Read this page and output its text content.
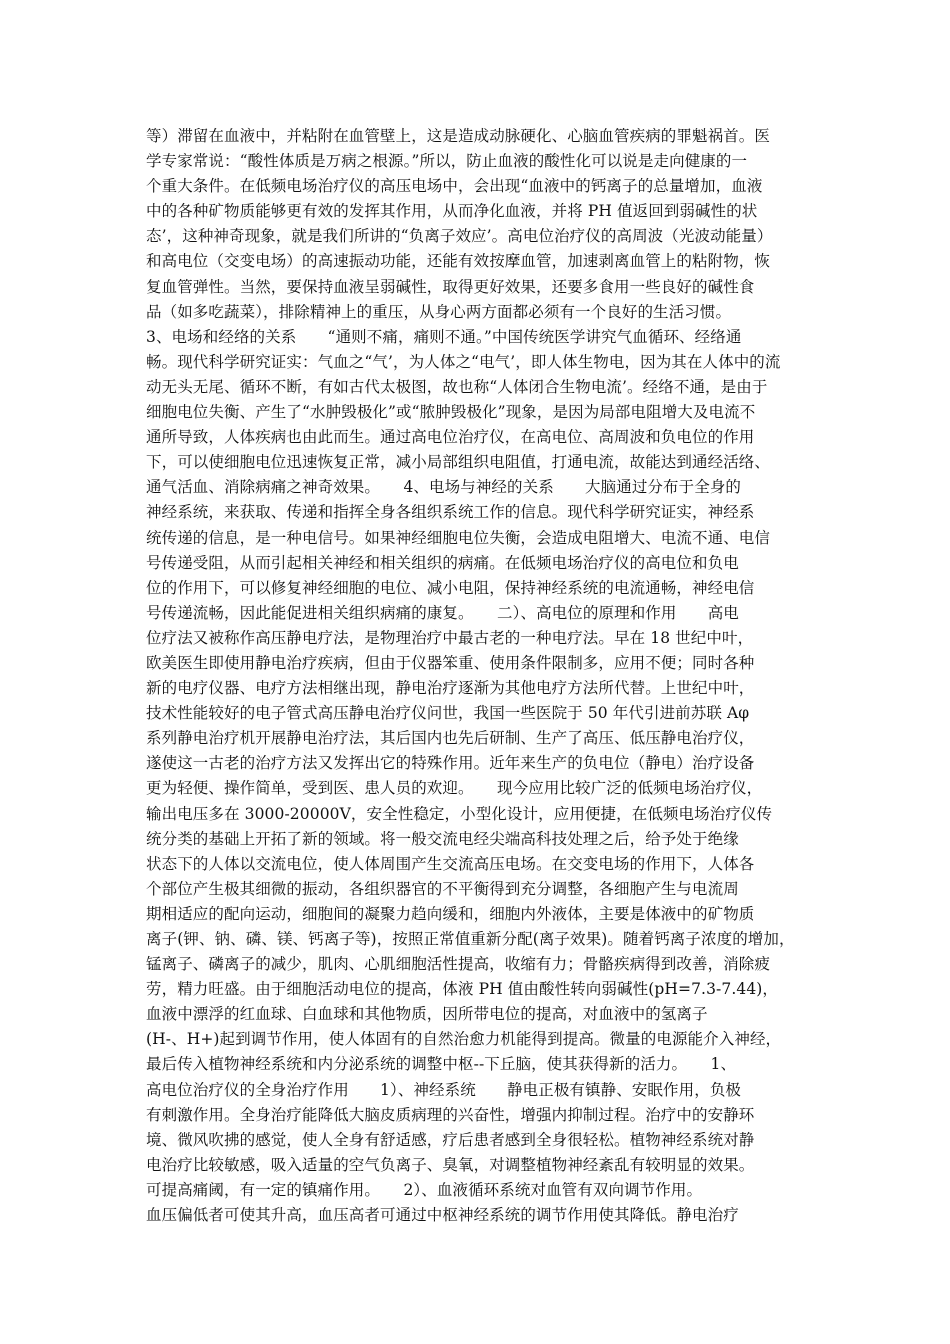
等）滞留在血液中，并粘附在血管壁上，这是造成动脉硬化、心脑血管疾病的罪魁祸首。医
学专家常说：“酸性体质是万病之根源。”所以，防止血液的酸性化可以说是走向健康的一
个重大条件。在低频电场治疗仪的高压电场中，会出现“血液中的钙离子的总量增加，血液
中的各种矿物质能够更有效的发挥其作用，从而净化血液，并将 PH 值返回到弱碱性的状
态’，这种神奇现象，就是我们所讲的“负离子效应’。高电位治疗仪的高周波（光波动能量）
和高电位（交变电场）的高速振动功能，还能有效按摩血管，加速剥离血管上的粘附物，恢
复血管弹性。当然，要保持血液呈弱碱性，取得更好效果，还要多食用一些良好的碱性食
品（如多吃蔬菜），排除精神上的重压，从身心两方面都必须有一个良好的生活习惯。
3、电场和经络的关系　　“通则不痛，痛则不通。”中国传统医学讲究气血循环、经络通
畅。现代科学研究证实：气血之“气’，为人体之“电气’，即人体生物电，因为其在人体中的流
动无头无尾、循环不断，有如古代太极图，故也称“人体闭合生物电流’。经络不通，是由于
细胞电位失衡、产生了“水肿毁极化”或“脓肿毁极化”现象，是因为局部电阻增大及电流不
通所导致，人体疾病也由此而生。通过高电位治疗仪，在高电位、高周波和负电位的作用
下，可以使细胞电位迅速恢复正常，减小局部组织电阻值，打通电流，故能达到通经活络、
通气活血、消除病痛之神奇效果。　　4、电场与神经的关系　　大脑通过分布于全身的
神经系统，来获取、传递和指挥全身各组织系统工作的信息。现代科学研究证实，神经系
统传递的信息，是一种电信号。如果神经细胞电位失衡，会造成电阻增大、电流不通、电信
号传递受阻，从而引起相关神经和相关组织的病痛。在低频电场治疗仪的高电位和负电
位的作用下，可以修复神经细胞的电位、减小电阻，保持神经系统的电流通畅，神经电信
号传递流畅，因此能促进相关组织病痛的康复。　　二）、高电位的原理和作用　　高电
位疗法又被称作高压静电疗法，是物理治疗中最古老的一种电疗法。早在 18 世纪中叶，
欧美医生即使用静电治疗疾病，但由于仪器笨重、使用条件限制多，应用不便；同时各种
新的电疗仪器、电疗方法相继出现，静电治疗逐渐为其他电疗方法所代替。上世纪中叶，
技术性能较好的电子管式高压静电治疗仪问世，我国一些医院于 50 年代引进前苏联 Aφ
系列静电治疗机开展静电治疗法，其后国内也先后研制、生产了高压、低压静电治疗仪，
遂使这一古老的治疗方法又发挥出它的特殊作用。近年来生产的负电位（静电）治疗设备
更为轻便、操作简单，受到医、患人员的欢迎。　　现今应用比较广泛的低频电场治疗仪，
输出电压多在 3000-20000V，安全性稳定，小型化设计，应用便捷，在低频电场治疗仪传
统分类的基础上开拓了新的领域。将一般交流电经尖端高科技处理之后，给予处于绝缘
状态下的人体以交流电位，使人体周围产生交流高压电场。在交变电场的作用下，人体各
个部位产生极其细微的振动，各组织器官的不平衡得到充分调整，各细胞产生与电流周
期相适应的配向运动，细胞间的凝聚力趋向缓和，细胞内外液体，主要是体液中的矿物质
离子(钾、钠、磷、镁、钙离子等)，按照正常值重新分配(离子效果)。随着钙离子浓度的增加，
锰离子、磷离子的减少，肌肉、心肌细胞活性提高，收缩有力；骨骼疾病得到改善，消除疲
劳，精力旺盛。由于细胞活动电位的提高，体液 PH 值由酸性转向弱碱性(pH=7.3-7.44)，
血液中漂浮的红血球、白血球和其他物质，因所带电位的提高，对血液中的氢离子
(H-、H+)起到调节作用，使人体固有的自然治愈力机能得到提高。微量的电源能介入神经，
最后传入植物神经系统和内分泌系统的调整中枢--下丘脑，使其获得新的活力。　　1、
高电位治疗仪的全身治疗作用　　1）、神经系统　　静电正极有镇静、安眠作用，负极
有刺激作用。全身治疗能降低大脑皮质病理的兴奋性，增强内抑制过程。治疗中的安静环
境、微风吹拂的感觉，使人全身有舒适感，疗后患者感到全身很轻松。植物神经系统对静
电治疗比较敏感，吸入适量的空气负离子、臭氧，对调整植物神经紊乱有较明显的效果。
可提高痛阈，有一定的镇痛作用。　　2）、血液循环系统对血管有双向调节作用。
血压偏低者可使其升高，血压高者可通过中枢神经系统的调节作用使其降低。静电治疗
